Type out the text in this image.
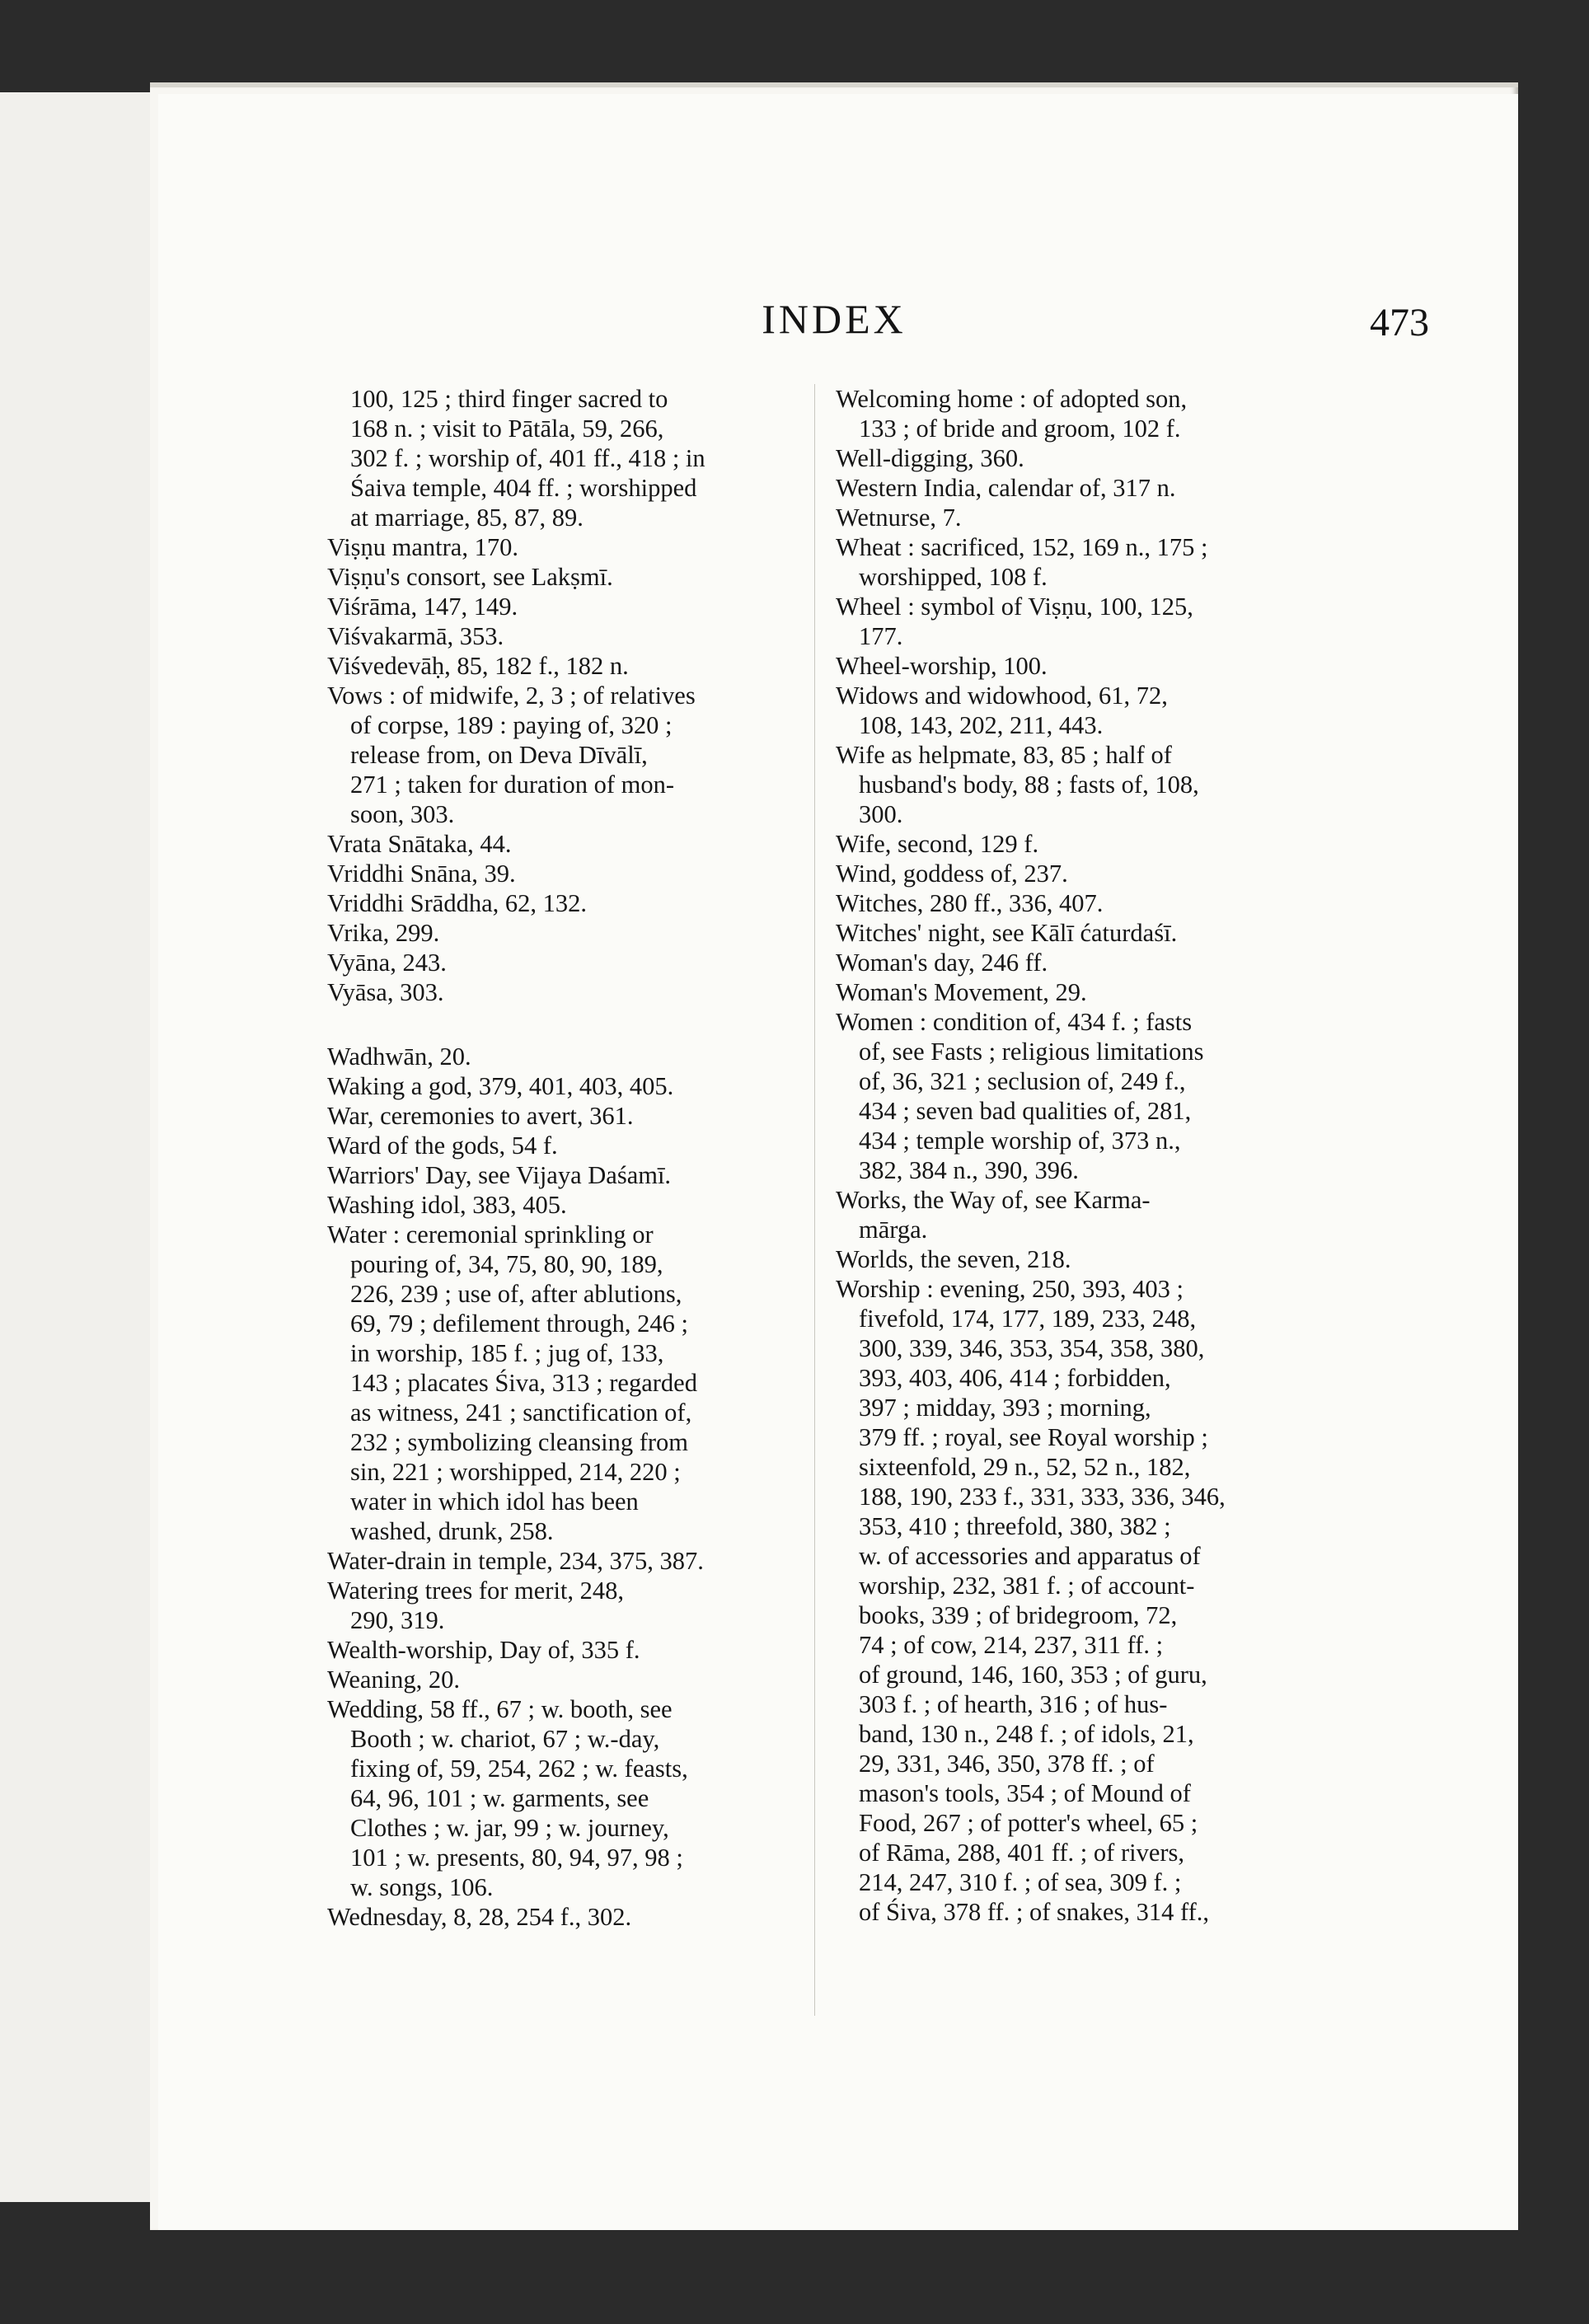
INDEX	473
100, 125 ; third finger sacred to
168 n. ; visit to Pātāla, 59, 266,
302 f. ; worship of, 401 ff., 418 ; in
Śaiva temple, 404 ff. ; worshipped
at marriage, 85, 87, 89.
Viṣṇu mantra, 170.
Viṣṇu's consort, see Lakṣmī.
Viśrāma, 147, 149.
Viśvakarmā, 353.
Viśvedevāḥ, 85, 182 f., 182 n.
Vows : of midwife, 2, 3 ; of relatives
of corpse, 189 : paying of, 320 ;
release from, on Deva Dīvālī,
271 ; taken for duration of mon-
soon, 303.
Vrata Snātaka, 44.
Vriddhi Snāna, 39.
Vriddhi Srāddha, 62, 132.
Vrika, 299.
Vyāna, 243.
Vyāsa, 303.
Wadhwān, 20.
Waking a god, 379, 401, 403, 405.
War, ceremonies to avert, 361.
Ward of the gods, 54 f.
Warriors' Day, see Vijaya Daśamī.
Washing idol, 383, 405.
Water : ceremonial sprinkling or
pouring of, 34, 75, 80, 90, 189,
226, 239 ; use of, after ablutions,
69, 79 ; defilement through, 246 ;
in worship, 185 f. ; jug of, 133,
143 ; placates Śiva, 313 ; regarded
as witness, 241 ; sanctification of,
232 ; symbolizing cleansing from
sin, 221 ; worshipped, 214, 220 ;
water in which idol has been
washed, drunk, 258.
Water-drain in temple, 234, 375, 387.
Watering trees for merit, 248,
290, 319.
Wealth-worship, Day of, 335 f.
Weaning, 20.
Wedding, 58 ff., 67 ; w. booth, see
Booth ; w. chariot, 67 ; w.-day,
fixing of, 59, 254, 262 ; w. feasts,
64, 96, 101 ; w. garments, see
Clothes ; w. jar, 99 ; w. journey,
101 ; w. presents, 80, 94, 97, 98 ;
w. songs, 106.
Wednesday, 8, 28, 254 f., 302.
Welcoming home : of adopted son,
133 ; of bride and groom, 102 f.
Well-digging, 360.
Western India, calendar of, 317 n.
Wetnurse, 7.
Wheat : sacrificed, 152, 169 n., 175 ;
worshipped, 108 f.
Wheel : symbol of Viṣṇu, 100, 125,
177.
Wheel-worship, 100.
Widows and widowhood, 61, 72,
108, 143, 202, 211, 443.
Wife as helpmate, 83, 85 ; half of
husband's body, 88 ; fasts of, 108,
300.
Wife, second, 129 f.
Wind, goddess of, 237.
Witches, 280 ff., 336, 407.
Witches' night, see Kālī ćaturdaśī.
Woman's day, 246 ff.
Woman's Movement, 29.
Women : condition of, 434 f. ; fasts
of, see Fasts ; religious limitations
of, 36, 321 ; seclusion of, 249 f.,
434 ; seven bad qualities of, 281,
434 ; temple worship of, 373 n.,
382, 384 n., 390, 396.
Works, the Way of, see Karma-
mārga.
Worlds, the seven, 218.
Worship : evening, 250, 393, 403 ;
fivefold, 174, 177, 189, 233, 248,
300, 339, 346, 353, 354, 358, 380,
393, 403, 406, 414 ; forbidden,
397 ; midday, 393 ; morning,
379 ff. ; royal, see Royal worship ;
sixteenfold, 29 n., 52, 52 n., 182,
188, 190, 233 f., 331, 333, 336, 346,
353, 410 ; threefold, 380, 382 ;
w. of accessories and apparatus of
worship, 232, 381 f. ; of account-
books, 339 ; of bridegroom, 72,
74 ; of cow, 214, 237, 311 ff. ;
of ground, 146, 160, 353 ; of guru,
303 f. ; of hearth, 316 ; of hus-
band, 130 n., 248 f. ; of idols, 21,
29, 331, 346, 350, 378 ff. ; of
mason's tools, 354 ; of Mound of
Food, 267 ; of potter's wheel, 65 ;
of Rāma, 288, 401 ff. ; of rivers,
214, 247, 310 f. ; of sea, 309 f. ;
of Śiva, 378 ff. ; of snakes, 314 ff.,
